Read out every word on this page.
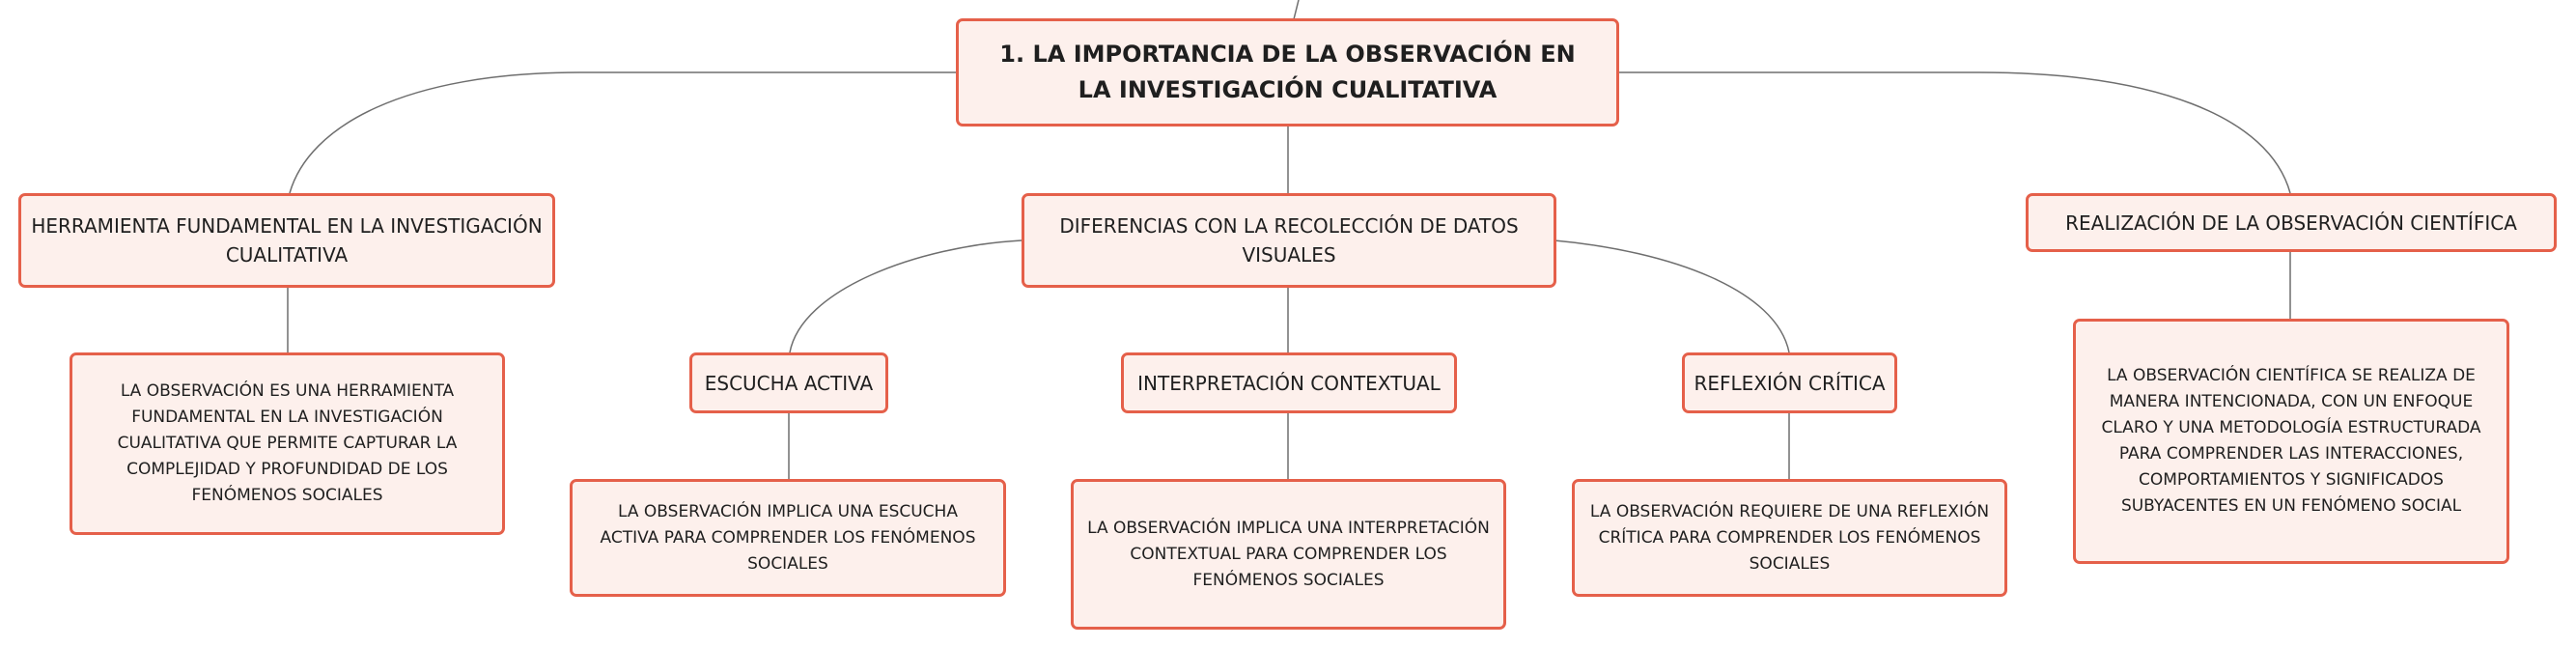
1. LA IMPORTANCIA DE LA OBSERVACIÓN EN LA INVESTIGACIÓN CUALITATIVA
HERRAMIENTA FUNDAMENTAL EN LA INVESTIGACIÓN CUALITATIVA
DIFERENCIAS CON LA RECOLECCIÓN DE DATOS VISUALES
REALIZACIÓN DE LA OBSERVACIÓN CIENTÍFICA
LA OBSERVACIÓN ES UNA HERRAMIENTA FUNDAMENTAL EN LA INVESTIGACIÓN CUALITATIVA QUE PERMITE CAPTURAR LA COMPLEJIDAD Y PROFUNDIDAD DE LOS FENÓMENOS SOCIALES
ESCUCHA ACTIVA	INTERPRETACIÓN CONTEXTUAL	REFLEXIÓN CRÍTICA
LA OBSERVACIÓN IMPLICA UNA ESCUCHA ACTIVA PARA COMPRENDER LOS FENÓMENOS SOCIALES
LA OBSERVACIÓN IMPLICA UNA INTERPRETACIÓN CONTEXTUAL PARA COMPRENDER LOS FENÓMENOS SOCIALES
LA OBSERVACIÓN REQUIERE DE UNA REFLEXIÓN CRÍTICA PARA COMPRENDER LOS FENÓMENOS SOCIALES
LA OBSERVACIÓN CIENTÍFICA SE REALIZA DE MANERA INTENCIONADA, CON UN ENFOQUE CLARO Y UNA METODOLOGÍA ESTRUCTURADA PARA COMPRENDER LAS INTERACCIONES, COMPORTAMIENTOS Y SIGNIFICADOS SUBYACENTES EN UN FENÓMENO SOCIAL
